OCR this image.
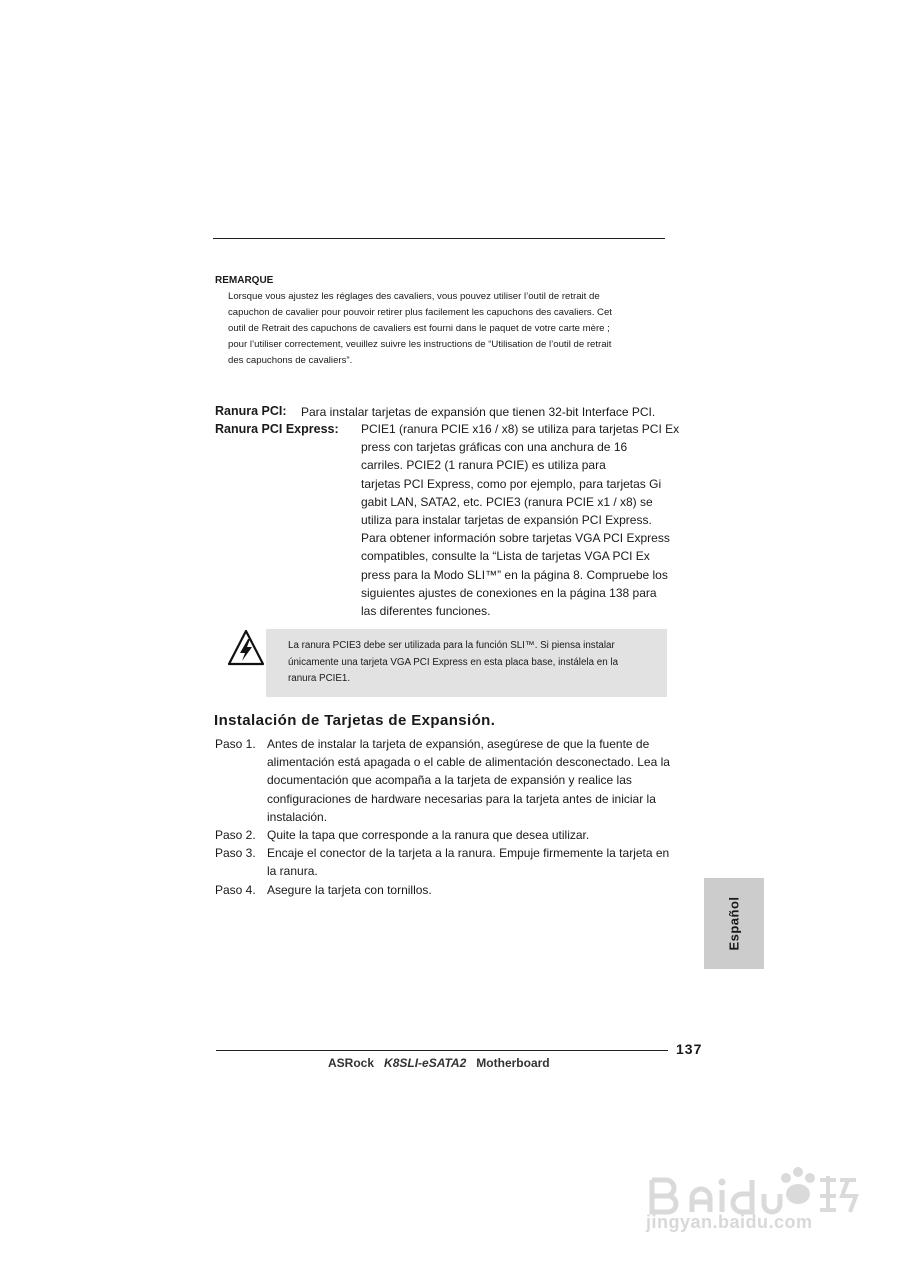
REMARQUE
Lorsque vous ajustez les réglages des cavaliers, vous pouvez utiliser l’outil de retrait de
capuchon de cavalier pour pouvoir retirer plus facilement les capuchons des cavaliers. Cet
outil de Retrait des capuchons de cavaliers est fourni dans le paquet de votre carte mère ;
pour l’utiliser correctement, veuillez suivre les instructions de “Utilisation de l’outil de retrait
des capuchons de cavaliers”.
Ranura PCI: Para instalar tarjetas de expansión que tienen 32-bit Interface PCI.
Ranura PCI Express: PCIE1 (ranura PCIE x16 / x8) se utiliza para tarjetas PCI Ex
press con tarjetas gráficas con una anchura de 16
carriles. PCIE2 (1 ranura PCIE) es utiliza para
tarjetas PCI Express, como por ejemplo, para tarjetas Gi
gabit LAN, SATA2, etc. PCIE3 (ranura PCIE x1 / x8) se
utiliza para instalar tarjetas de expansión PCI Express.
Para obtener información sobre tarjetas VGA PCI Express
compatibles, consulte la “Lista de tarjetas VGA PCI Ex
press para la Modo SLI™” en la página 8. Compruebe los
siguientes ajustes de conexiones en la página 138 para
las diferentes funciones.
La ranura PCIE3 debe ser utilizada para la función SLI™. Si piensa instalar
únicamente una tarjeta VGA PCI Express en esta placa base, instálela en la
ranura PCIE1.
Instalación de Tarjetas de Expansión.
Paso 1. Antes de instalar la tarjeta de expansión, asegúrese de que la fuente de
alimentación está apagada o el cable de alimentación desconectado. Lea la
documentación que acompaña a la tarjeta de expansión y realice las
configuraciones de hardware necesarias para la tarjeta antes de iniciar la
instalación.
Paso 2. Quite la tapa que corresponde a la ranura que desea utilizar.
Paso 3. Encaje el conector de la tarjeta a la ranura. Empuje firmemente la tarjeta en
la ranura.
Paso 4. Asegure la tarjeta con tornillos.
Español
137
ASRock K8SLI-eSATA2 Motherboard
jingyan.baidu.com
